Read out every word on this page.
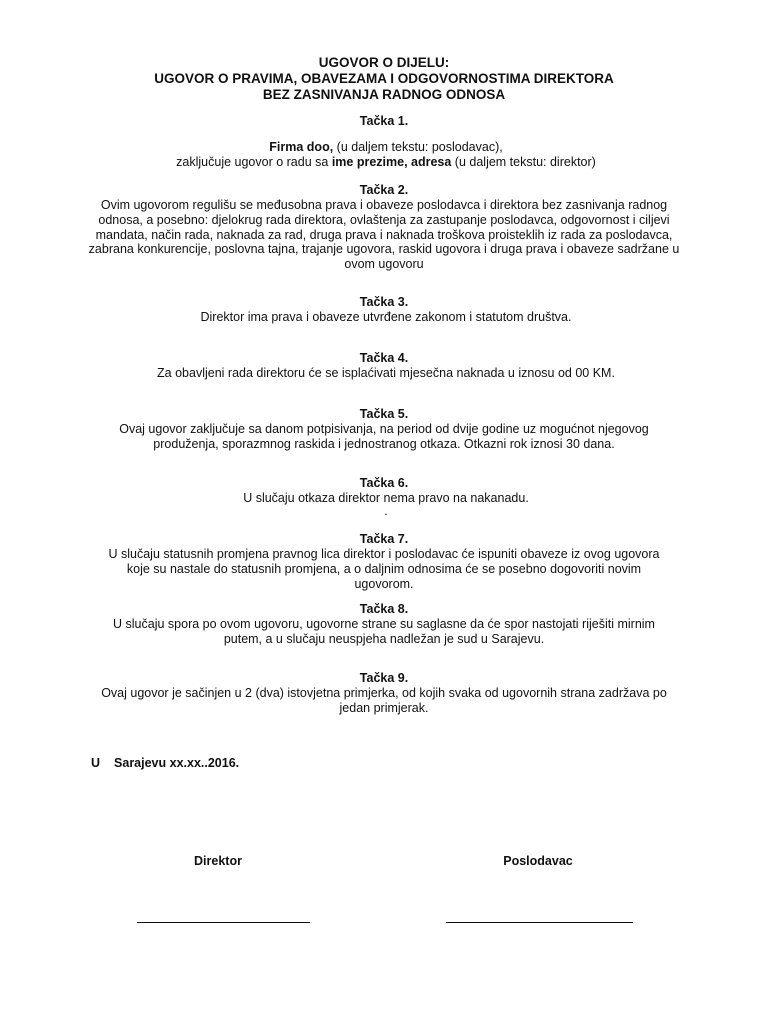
UGOVOR O DIJELU:
UGOVOR O PRAVIMA, OBAVEZAMA I ODGOVORNOSTIMA DIREKTORA
BEZ ZASNIVANJA RADNOG ODNOSA
Tačka 1.
Firma doo, (u daljem tekstu: poslodavac),
zaključuje ugovor o radu sa ime prezime, adresa (u daljem tekstu: direktor)
Tačka 2.
Ovim ugovorom regulišu se međusobna prava i obaveze poslodavca i direktora bez zasnivanja radnog odnosa, a posebno: djelokrug rada direktora, ovlaštenja za zastupanje poslodavca, odgovornost i ciljevi mandata, način rada, naknada za rad, druga prava i naknada troškova proisteklih iz rada za poslodavca, zabrana konkurencije, poslovna tajna, trajanje ugovora, raskid ugovora i druga prava i obaveze sadržane u ovom ugovoru
Tačka 3.
Direktor ima prava i obaveze utvrđene zakonom i statutom društva.
Tačka 4.
Za obavljeni rada direktoru će se isplaćivati mjesečna naknada u iznosu od 00 KM.
Tačka 5.
Ovaj ugovor zaključuje sa danom potpisivanja, na period od dvije godine uz mogućnot njegovog produženja, sporazmnog raskida i jednostranog otkaza. Otkazni rok iznosi 30 dana.
Tačka 6.
U slučaju otkaza direktor nema pravo na nakanadu.
.
Tačka 7.
U slučaju statusnih promjena pravnog lica direktor i poslodavac će ispuniti obaveze iz ovog ugovora koje su nastale do statusnih promjena, a o daljnim odnosima će se posebno dogovoriti novim ugovorom.
Tačka 8.
U slučaju spora po ovom ugovoru, ugovorne strane su saglasne da će spor nastojati riješiti mirnim putem, a u slučaju neuspjeha nadležan je sud u Sarajevu.
Tačka 9.
Ovaj ugovor je sačinjen u 2 (dva) istovjetna primjerka, od kojih svaka od ugovornih strana zadržava po jedan primjerak.
U Sarajevu xx.xx..2016.
Direktor	Poslodavac
